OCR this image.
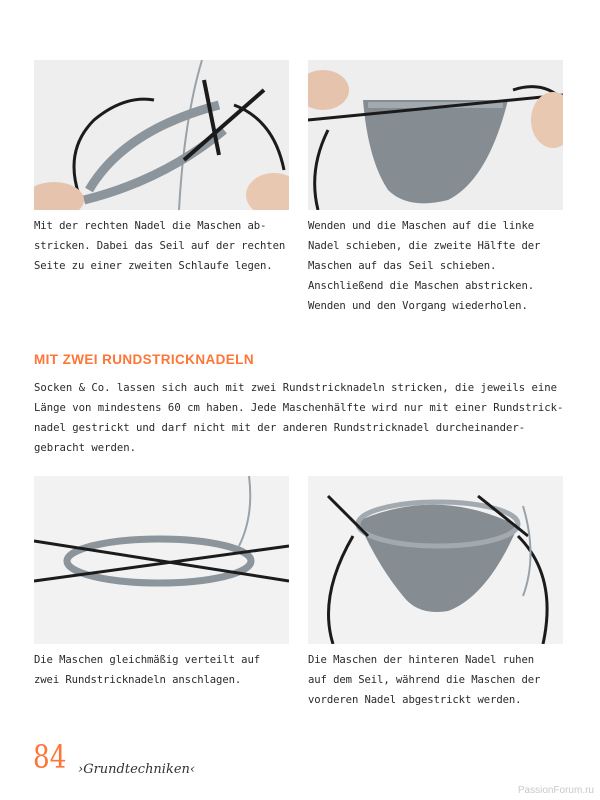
Mit der rechten Nadel die Maschen ab-
stricken. Dabei das Seil auf der rechten
Seite zu einer zweiten Schlaufe legen.
Wenden und die Maschen auf die linke
Nadel schieben, die zweite Hälfte der
Maschen auf das Seil schieben.
Anschließend die Maschen abstricken.
Wenden und den Vorgang wiederholen.
MIT ZWEI RUNDSTRICKNADELN
Socken & Co. lassen sich auch mit zwei Rundstricknadeln stricken, die jeweils eine
Länge von mindestens 60 cm haben. Jede Maschenhälfte wird nur mit einer Rundstrick-
nadel gestrickt und darf nicht mit der anderen Rundstricknadel durcheinander-
gebracht werden.
Die Maschen gleichmäßig verteilt auf
zwei Rundstricknadeln anschlagen.
Die Maschen der hinteren Nadel ruhen
auf dem Seil, während die Maschen der
vorderen Nadel abgestrickt werden.
84 ›Grundtechniken‹
PassionForum.ru
